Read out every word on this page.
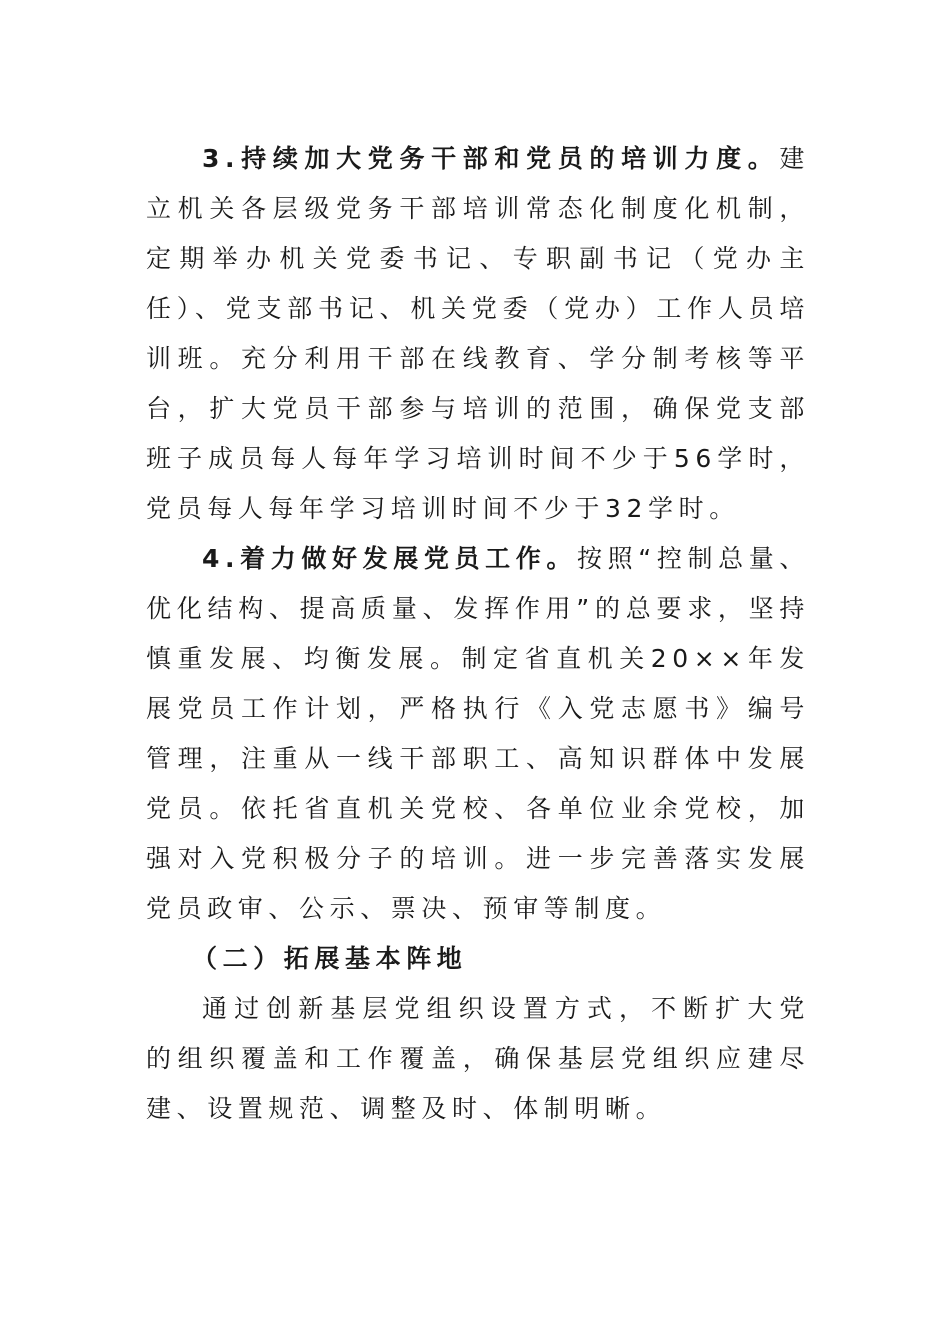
3.持续加大党务干部和党员的培训力度。建立机关各层级党务干部培训常态化制度化机制，定期举办机关党委书记、专职副书记（党办主任）、党支部书记、机关党委（党办）工作人员培训班。充分利用干部在线教育、学分制考核等平台，扩大党员干部参与培训的范围，确保党支部班子成员每人每年学习培训时间不少于56学时，党员每人每年学习培训时间不少于32学时。

4.着力做好发展党员工作。按照“控制总量、优化结构、提高质量、发挥作用”的总要求，坚持慎重发展、均衡发展。制定省直机关20××年发展党员工作计划，严格执行《入党志愿书》编号管理，注重从一线干部职工、高知识群体中发展党员。依托省直机关党校、各单位业余党校，加强对入党积极分子的培训。进一步完善落实发展党员政审、公示、票决、预审等制度。

（二）拓展基本阵地

通过创新基层党组织设置方式，不断扩大党的组织覆盖和工作覆盖，确保基层党组织应建尽建、设置规范、调整及时、体制明晰。
